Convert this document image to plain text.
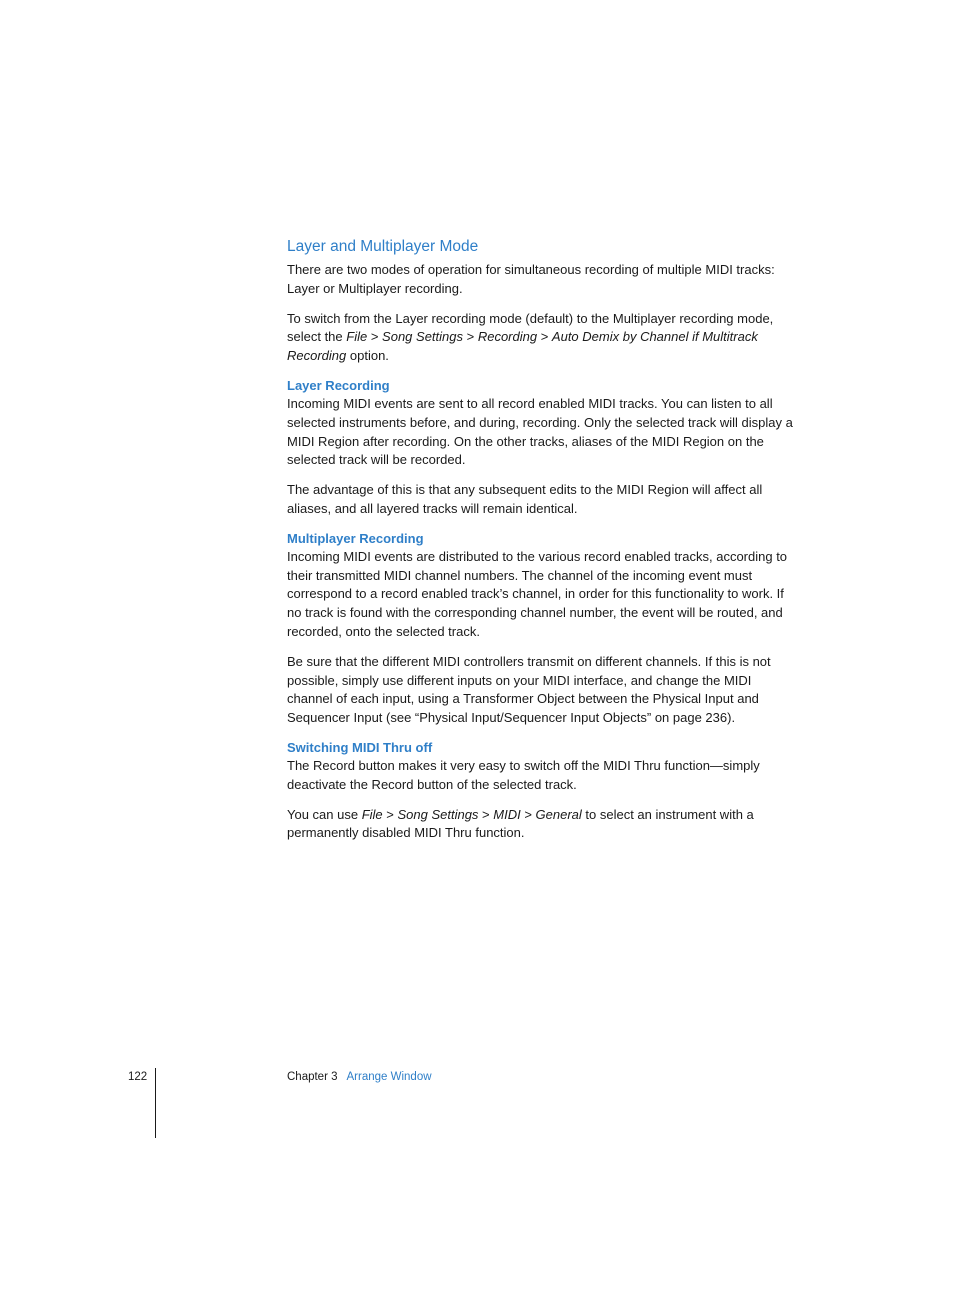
Layer and Multiplayer Mode

There are two modes of operation for simultaneous recording of multiple MIDI tracks: Layer or Multiplayer recording.

To switch from the Layer recording mode (default) to the Multiplayer recording mode, select the File > Song Settings > Recording > Auto Demix by Channel if Multitrack Recording option.

Layer Recording

Incoming MIDI events are sent to all record enabled MIDI tracks. You can listen to all selected instruments before, and during, recording. Only the selected track will display a MIDI Region after recording. On the other tracks, aliases of the MIDI Region on the selected track will be recorded.

The advantage of this is that any subsequent edits to the MIDI Region will affect all aliases, and all layered tracks will remain identical.

Multiplayer Recording

Incoming MIDI events are distributed to the various record enabled tracks, according to their transmitted MIDI channel numbers. The channel of the incoming event must correspond to a record enabled track’s channel, in order for this functionality to work. If no track is found with the corresponding channel number, the event will be routed, and recorded, onto the selected track.

Be sure that the different MIDI controllers transmit on different channels. If this is not possible, simply use different inputs on your MIDI interface, and change the MIDI channel of each input, using a Transformer Object between the Physical Input and Sequencer Input (see “Physical Input/Sequencer Input Objects” on page 236).

Switching MIDI Thru off

The Record button makes it very easy to switch off the MIDI Thru function—simply deactivate the Record button of the selected track.

You can use File > Song Settings > MIDI > General to select an instrument with a permanently disabled MIDI Thru function.

122	Chapter 3 Arrange Window
